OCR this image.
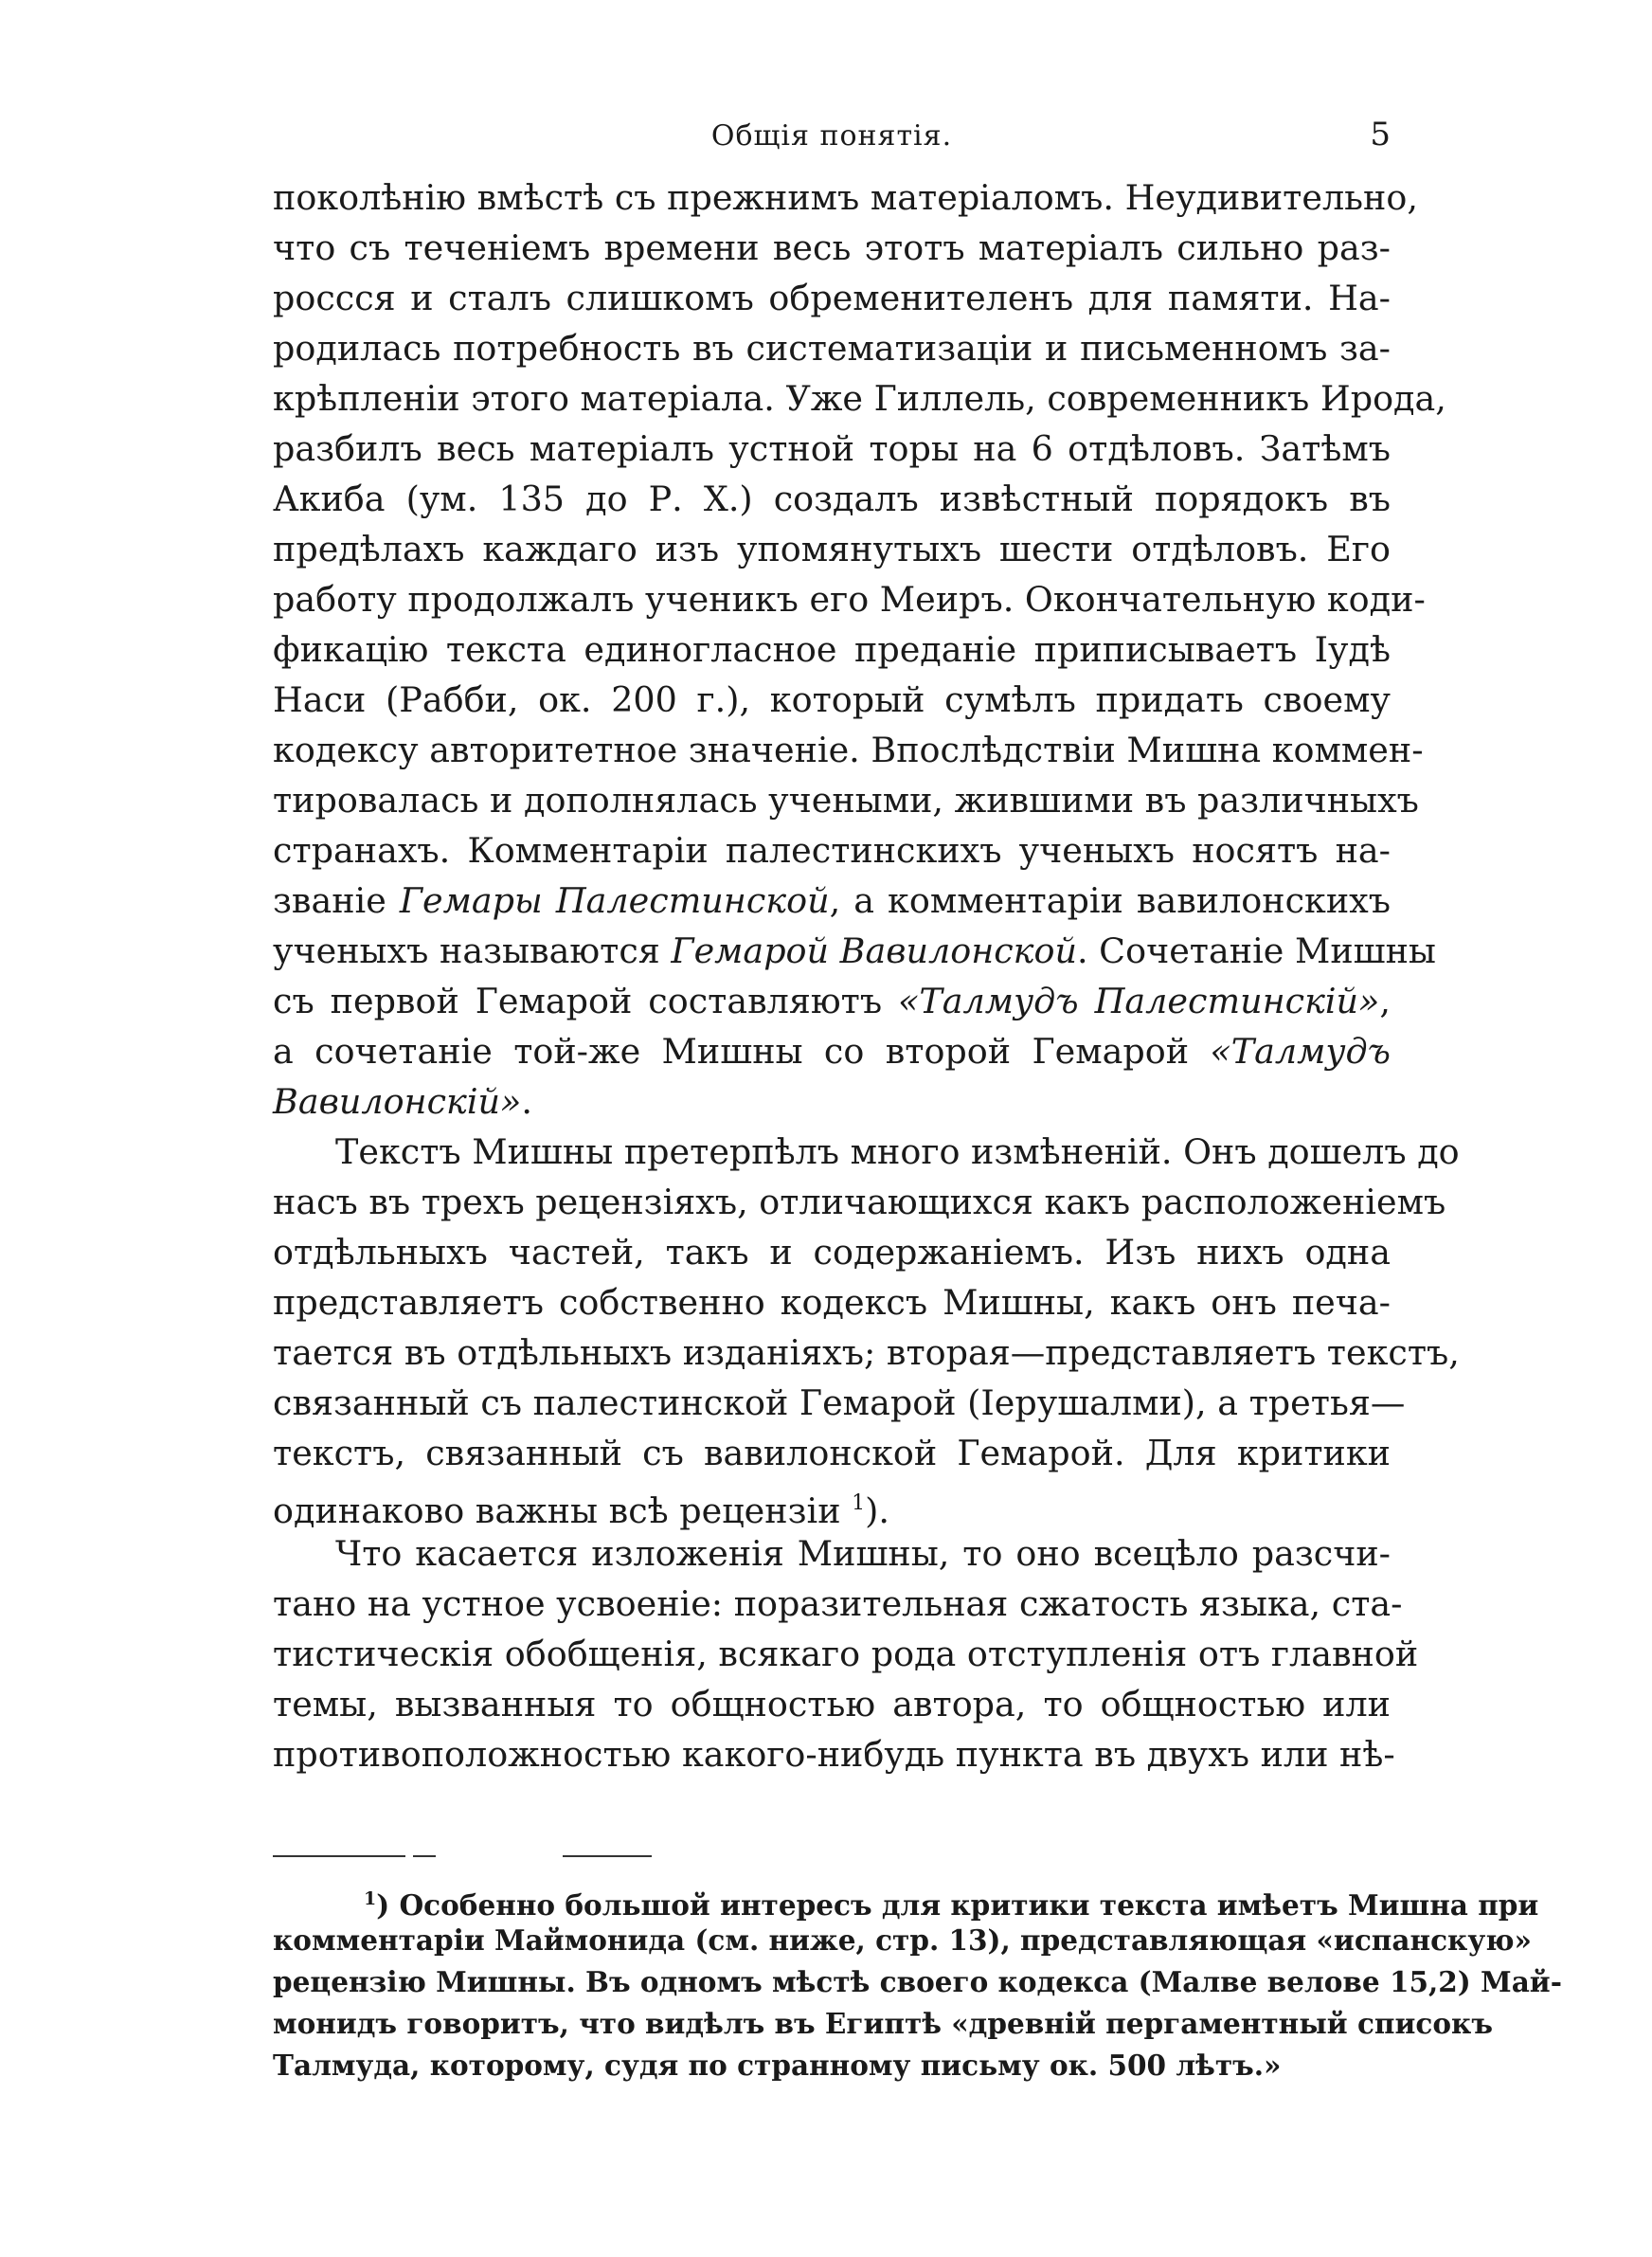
Общiя понятiя.	5
поколѣнiю вмѣстѣ съ прежнимъ матерiаломъ. Неудивительно,
что съ теченiемъ времени весь этотъ матерiалъ сильно раз-
россся и сталъ слишкомъ обременителенъ для памяти. На-
родилась потребность въ систематизацiи и письменномъ за-
крѣпленiи этого матерiала. Уже Гиллель, современникъ Ирода,
разбилъ весь матерiалъ устной торы на 6 отдѣловъ. Затѣмъ
Акиба (ум. 135 до Р. Х.) создалъ извѣстный порядокъ въ
предѣлахъ каждаго изъ упомянутыхъ шести отдѣловъ. Его
работу продолжалъ ученикъ его Меиръ. Окончательную коди-
фикацiю текста единогласное преданiе приписываетъ Iудѣ
Наси (Рабби, ок. 200 г.), который сумѣлъ придать своему
кодексу авторитетное значенiе. Впослѣдствiи Мишна коммен-
тировалась и дополнялась учеными, жившими въ различныхъ
странахъ. Комментарiи палестинскихъ ученыхъ носятъ на-
званiе Гемары Палестинской, а комментарiи вавилонскихъ
ученыхъ называются Гемарой Вавилонской. Сочетанiе Мишны
съ первой Гемарой составляютъ «Талмудъ Палестинскiй»,
а сочетанiе той-же Мишны со второй Гемарой «Талмудъ
Вавилонскiй».
Текстъ Мишны претерпѣлъ много измѣненiй. Онъ дошелъ до
насъ въ трехъ рецензiяхъ, отличающихся какъ расположенiемъ
отдѣльныхъ частей, такъ и содержанiемъ. Изъ нихъ одна
представляетъ собственно кодексъ Мишны, какъ онъ печа-
тается въ отдѣльныхъ изданiяхъ; вторая—представляетъ текстъ,
связанный съ палестинской Гемарой (Iерушалми), а третья—
текстъ, связанный съ вавилонской Гемарой. Для критики
одинаково важны всѣ рецензiи $^1$).
Что касается изложенiя Мишны, то оно всецѣло разсчи-
тано на устное усвоенiе: поразительная сжатость языка, ста-
тистическiя обобщенiя, всякаго рода отступленiя отъ главной
темы, вызванныя то общностью автора, то общностью или
противоположностью какого-нибудь пункта въ двухъ или нѣ-
$^1$) Особенно большой интересъ для критики текста имѣетъ Мишна при
комментарiи Маймонида (см. ниже, стр. 13), представляющая «испанскую»
рецензiю Мишны. Въ одномъ мѣстѣ своего кодекса (Малве велове 15,2) Май-
монидъ говоритъ, что видѣлъ въ Египтѣ «древнiй пергаментный списокъ
Талмуда, которому, судя по странному письму ок. 500 лѣтъ.»
